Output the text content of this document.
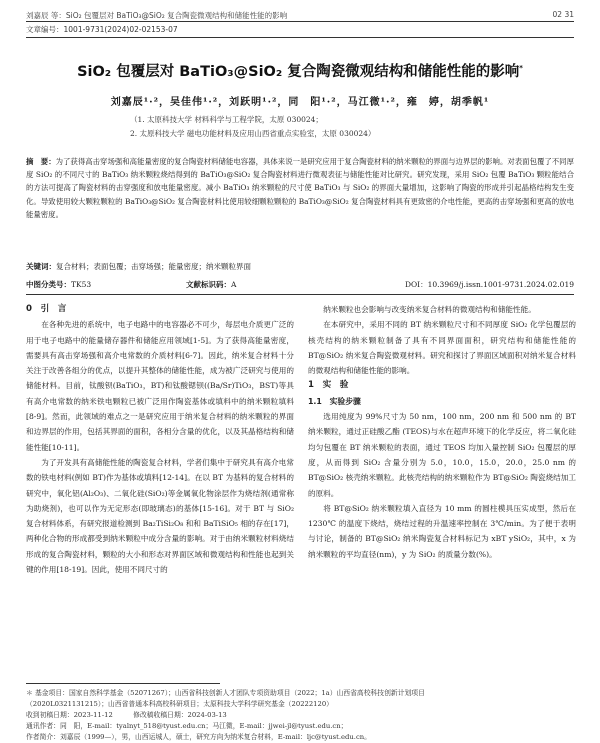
刘嘉辰 等：SiO₂ 包覆层对 BaTiO₃@SiO₂ 复合陶瓷微观结构和储能性能的影响	02 31
文章编号：1001-9731(2024)02-02153-07
SiO₂ 包覆层对 BaTiO₃@SiO₂ 复合陶瓷微观结构和储能性能的影响*
刘嘉辰¹·²，吴佳伟¹·²，刘跃明¹·²，同　阳¹·²，马江微¹·²，雍　婷，胡季帆¹
（1. 太原科技大学 材料科学与工程学院，太原 030024；
2. 太原科技大学 磁电功能材料及应用山西省重点实验室，太原 030024）
摘　要：为了获得高击穿场强和高能量密度的复合陶瓷材料储能电容器，具体来说一是研究应用于复合陶瓷材料的纳米颗粒的界面与边界层的影响。对表面包覆了不同厚度 SiO₂ 的不同尺寸的 BaTiO₃ 纳米颗粒烧结得到的 BaTiO₃@SiO₂ 复合陶瓷材料进行微观表征与储能性能对比研究。研究发现，采用 SiO₂ 包覆 BaTiO₃ 颗粒能结合的方法可提高了陶瓷材料的击穿强度和放电能量密度。减小 BaTiO₃ 纳米颗粒的尺寸使 BaTiO₃ 与 SiO₂ 的界面大量增加，这影响了陶瓷的形成并引起晶格结构发生变化。导致使用较大颗粒颗粒的 BaTiO₃@SiO₂ 复合陶瓷材料比使用较细颗粒颗粒的 BaTiO₃@SiO₂ 复合陶瓷材料具有更致密的介电性能，更高的击穿场强和更高的放电能量密度。
关键词：复合材料；表面包覆；击穿场强；能量密度；纳米颗粒界面
中图分类号：TK53	文献标识码：A	DOI：10.3969/j.issn.1001-9731.2024.02.019

0　引　言

在各种先进的系统中，电子电路中的电容器必不可少，每层电介质更广泛的用于电子电路中的能量储存器件和储能应用领域[1-5]。为了获得高能量密度，需要具有高击穿场强和高介电常数的介质材料[6-7]。因此，纳米复合材料十分关注于改善各组分的优点，以提升其整体的储能性能，成为被广泛研究与使用的储能材料。目前，钛酸钡(BaTiO₃，BT)和钛酸锶钡((Ba/Sr)TiO₃，BST)等具有高介电常数的纳米铁电颗粒已被广泛用作陶瓷基体或填料中的纳米颗粒填料[8-9]。然而，此领域的难点之一是研究应用于纳米复合材料的纳米颗粒的界面和边界层的作用，包括其界面的面积，各相分含量的优化，以及其晶格结构和储能性能[10-11]。

为了开发具有高储能性能的陶瓷复合材料，学者们集中于研究具有高介电常数的铁电材料(例如 BT)作为基体或填料[12-14]。在以 BT 为基料的复合材料的研究中，氧化铝(Al₂O₃)、二氧化硅(SiO₂)等金属氧化物涂层作为烧结剂(通常称为助烧剂)，也可以作为无定形态(即玻璃态)的基体[15-16]。对于 BT 与 SiO₂ 复合材料体系，有研究报道检测到 Ba₂TiSi₂O₈ 和和 BaTiSiO₅ 相的存在[17]，两种化合物的形成都受到纳米颗粒中成分含量的影响。对于由纳米颗粒材料烧结形成的复合陶瓷材料，颗粒的大小和形态对界面区域和微观结构和性能也起到关键的作用[18-19]。因此，使用不同尺寸的

纳米颗粒也会影响与改变纳米复合材料的微观结构和储能性能。

在本研究中，采用不同的 BT 纳米颗粒尺寸和不同厚度 SiO₂ 化学包覆层的核壳结构的纳米颗粒制备了具有不同界面面积，研究结构和储能性能的 BT@SiO₂ 纳米复合陶瓷微观材料。研究和探讨了界面区域面积对纳米复合材料的微观结构和储能性能的影响。

1　实　验

1.1　实验步骤

选用纯度为 99%尺寸为 50 nm，100 nm，200 nm 和 500 nm 的 BT 纳米颗粒，通过正硅酸乙酯 (TEOS)与水在超声环境下的化学反应，将二氧化硅均匀包覆在 BT 纳米颗粒的表面，通过 TEOS 均加入量控制 SiO₂ 包覆层的厚度，从而得到 SiO₂ 含量分别为 5.0，10.0，15.0，20.0，25.0 nm 的 BT@SiO₂ 核壳纳米颗粒。此核壳结构的纳米颗粒作为 BT@SiO₂ 陶瓷烧结加工的原料。

将 BT@SiO₂ 纳米颗粒填入直径为 10 mm 的圆柱模具压实成型，然后在 1230℃ 的温度下烧结，烧结过程的升温速率控制在 3℃/min。为了便于表明与讨论，制备的 BT@SiO₂ 纳米陶瓷复合材料标记为 xBT ySiO₂，其中，x 为纳米颗粒的平均直径(nm)，y 为 SiO₂ 的质量分数(%)。

＊ 基金项目：国家自然科学基金（52071267）；山西省科技创新人才团队专项资助项目（2022；1a）山西省高校科技创新计划项目
（2020L0321131215）；山西省普通本科高校科研项目；太原科技大学科学研究基金（20222120）
收到初稿日期：2023-11-12　　　修改稿收稿日期：2024-03-13
通讯作者：同　阳，E-mail：tyalnyt_518@tyust.edu.cn；马江微，E-mail：jjwei-jl@tyust.edu.cn；
作者简介：刘嘉辰（1999—），男，山西运城人，硕士，研究方向为纳米复合材料，E-mail：ljc@tyust.edu.cn。
